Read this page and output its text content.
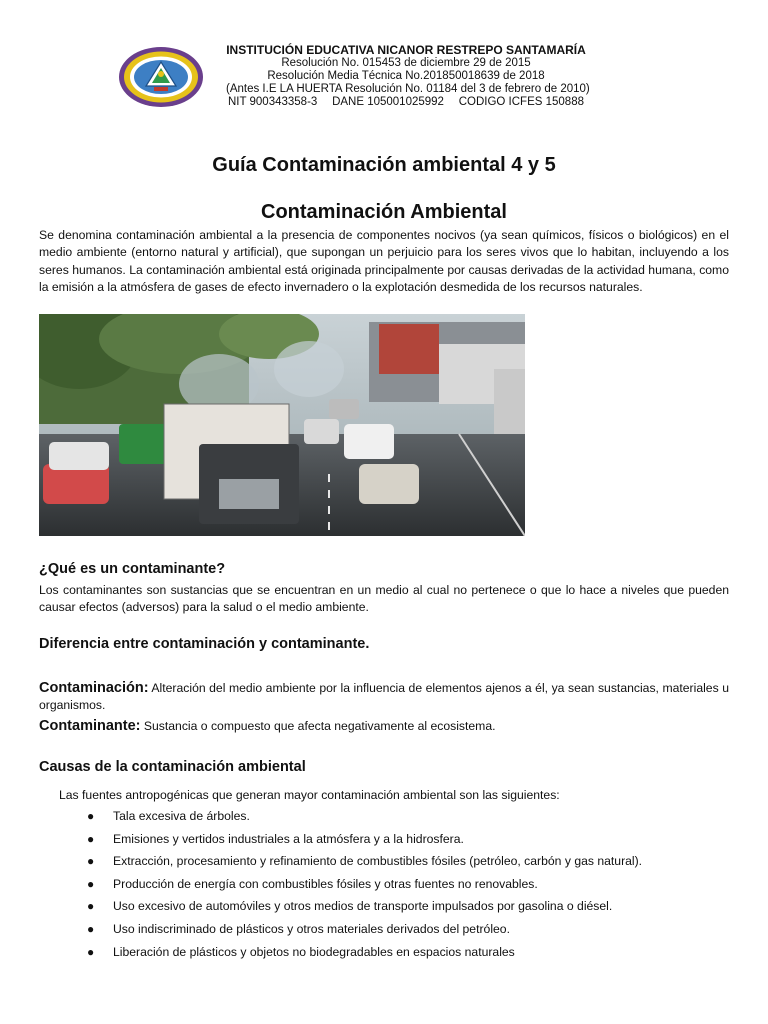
INSTITUCIÓN EDUCATIVA NICANOR RESTREPO SANTAMARÍA
Resolución No. 015453 de diciembre 29 de 2015
Resolución Media Técnica No.201850018639 de 2018
(Antes I.E LA HUERTA Resolución No. 01184 del 3 de febrero de 2010)
NIT 900343358-3 DANE 105001025992 CODIGO ICFES 150888
Guía Contaminación ambiental 4 y 5
Contaminación Ambiental
Se denomina contaminación ambiental a la presencia de componentes nocivos (ya sean químicos, físicos o biológicos) en el medio ambiente (entorno natural y artificial), que supongan un perjuicio para los seres vivos que lo habitan, incluyendo a los seres humanos. La contaminación ambiental está originada principalmente por causas derivadas de la actividad humana, como la emisión a la atmósfera de gases de efecto invernadero o la explotación desmedida de los recursos naturales.
¿Qué es un contaminante?
Los contaminantes son sustancias que se encuentran en un medio al cual no pertenece o que lo hace a niveles que pueden causar efectos (adversos) para la salud o el medio ambiente.
Diferencia entre contaminación y contaminante.
Contaminación: Alteración del medio ambiente por la influencia de elementos ajenos a él, ya sean sustancias, materiales u organismos.
Contaminante: Sustancia o compuesto que afecta negativamente al ecosistema.
Causas de la contaminación ambiental
Las fuentes antropogénicas que generan mayor contaminación ambiental son las siguientes:
● Tala excesiva de árboles.
● Emisiones y vertidos industriales a la atmósfera y a la hidrosfera.
● Extracción, procesamiento y refinamiento de combustibles fósiles (petróleo, carbón y gas natural).
● Producción de energía con combustibles fósiles y otras fuentes no renovables.
● Uso excesivo de automóviles y otros medios de transporte impulsados por gasolina o diésel.
● Uso indiscriminado de plásticos y otros materiales derivados del petróleo.
● Liberación de plásticos y objetos no biodegradables en espacios naturales
